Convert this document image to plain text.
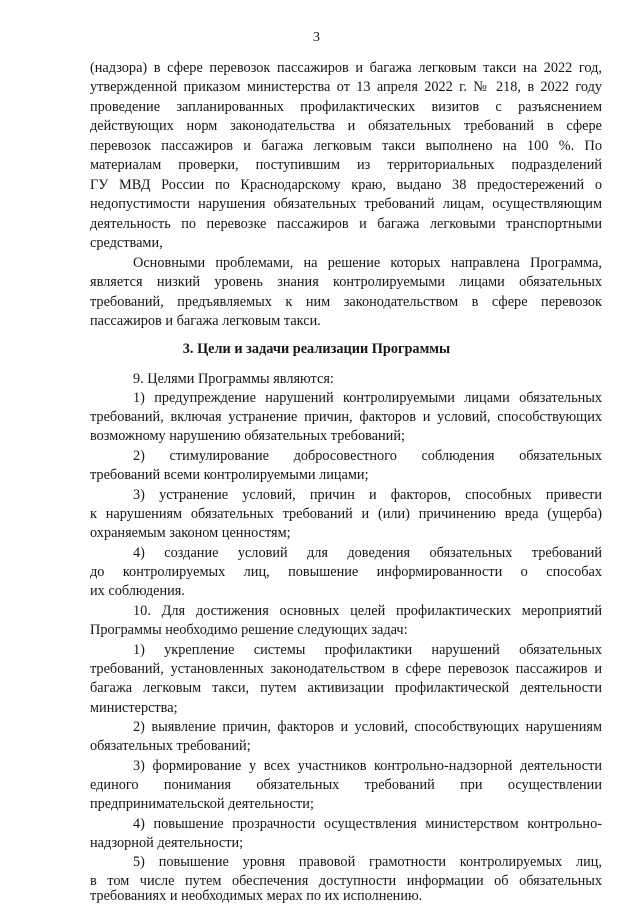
3
(надзора) в сфере перевозок пассажиров и багажа легковым такси на 2022 год,
утвержденной приказом министерства от 13 апреля 2022 г. № 218, в 2022 году
проведение запланированных профилактических визитов с разъяснением
действующих норм законодательства и обязательных требований в сфере
перевозок пассажиров и багажа легковым такси выполнено на 100 %. По
материалам проверки, поступившим из территориальных подразделений
ГУ МВД России по Краснодарскому краю, выдано 38 предостережений о
недопустимости нарушения обязательных требований лицам, осуществляющим
деятельность по перевозке пассажиров и багажа легковыми транспортными
средствами,
Основными проблемами, на решение которых направлена Программа,
является низкий уровень знания контролируемыми лицами обязательных
требований, предъявляемых к ним законодательством в сфере перевозок
пассажиров и багажа легковым такси.
3. Цели и задачи реализации Программы
9. Целями Программы являются:
1) предупреждение нарушений контролируемыми лицами обязательных
требований, включая устранение причин, факторов и условий, способствующих
возможному нарушению обязательных требований;
2) стимулирование добросовестного соблюдения обязательных
требований всеми контролируемыми лицами;
3) устранение условий, причин и факторов, способных привести
к нарушениям обязательных требований и (или) причинению вреда (ущерба)
охраняемым законом ценностям;
4) создание условий для доведения обязательных требований
до контролируемых лиц, повышение информированности о способах
их соблюдения.
10. Для достижения основных целей профилактических мероприятий
Программы необходимо решение следующих задач:
1) укрепление системы профилактики нарушений обязательных
требований, установленных законодательством в сфере перевозок пассажиров и
багажа легковым такси, путем активизации профилактической деятельности
министерства;
2) выявление причин, факторов и условий, способствующих нарушениям
обязательных требований;
3) формирование у всех участников контрольно-надзорной деятельности
единого понимания обязательных требований при осуществлении
предпринимательской деятельности;
4) повышение прозрачности осуществления министерством контрольно-
надзорной деятельности;
5) повышение уровня правовой грамотности контролируемых лиц,
в том числе путем обеспечения доступности информации об обязательных
требованиях и необходимых мерах по их исполнению.
